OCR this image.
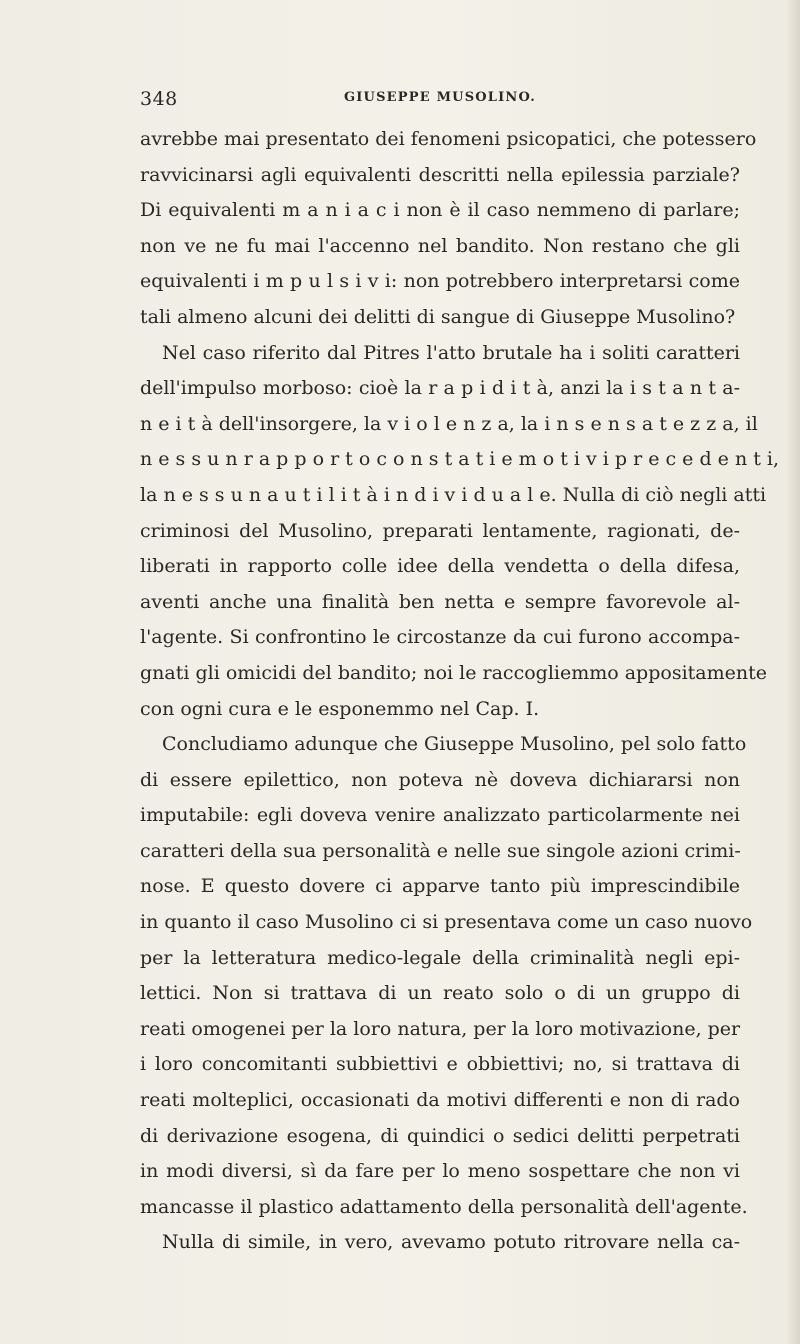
348	GIUSEPPE MUSOLINO.
avrebbe mai presentato dei fenomeni psicopatici, che potessero
ravvicinarsi agli equivalenti descritti nella epilessia parziale?
Di equivalenti m a n i a c i non è il caso nemmeno di parlare;
non ve ne fu mai l'accenno nel bandito. Non restano che gli
equivalenti i m p u l s i v i: non potrebbero interpretarsi come
tali almeno alcuni dei delitti di sangue di Giuseppe Musolino?
Nel caso riferito dal Pitres l'atto brutale ha i soliti caratteri
dell'impulso morboso: cioè la r a p i d i t à, anzi la i s t a n t a-
n e i t à dell'insorgere, la v i o l e n z a, la i n s e n s a t e z z a, il
n e s s u n r a p p o r t o c o n s t a t i e m o t i v i p r e c e d e n t i,
la n e s s u n a u t i l i t à i n d i v i d u a l e. Nulla di ciò negli atti
criminosi del Musolino, preparati lentamente, ragionati, de-
liberati in rapporto colle idee della vendetta o della difesa,
aventi anche una finalità ben netta e sempre favorevole al-
l'agente. Si confrontino le circostanze da cui furono accompa-
gnati gli omicidi del bandito; noi le raccogliemmo appositamente
con ogni cura e le esponemmo nel Cap. I.
Concludiamo adunque che Giuseppe Musolino, pel solo fatto
di essere epilettico, non poteva nè doveva dichiararsi non
imputabile: egli doveva venire analizzato particolarmente nei
caratteri della sua personalità e nelle sue singole azioni crimi-
nose. E questo dovere ci apparve tanto più imprescindibile
in quanto il caso Musolino ci si presentava come un caso nuovo
per la letteratura medico-legale della criminalità negli epi-
lettici. Non si trattava di un reato solo o di un gruppo di
reati omogenei per la loro natura, per la loro motivazione, per
i loro concomitanti subbiettivi e obbiettivi; no, si trattava di
reati molteplici, occasionati da motivi differenti e non di rado
di derivazione esogena, di quindici o sedici delitti perpetrati
in modi diversi, sì da fare per lo meno sospettare che non vi
mancasse il plastico adattamento della personalità dell'agente.
Nulla di simile, in vero, avevamo potuto ritrovare nella ca-
